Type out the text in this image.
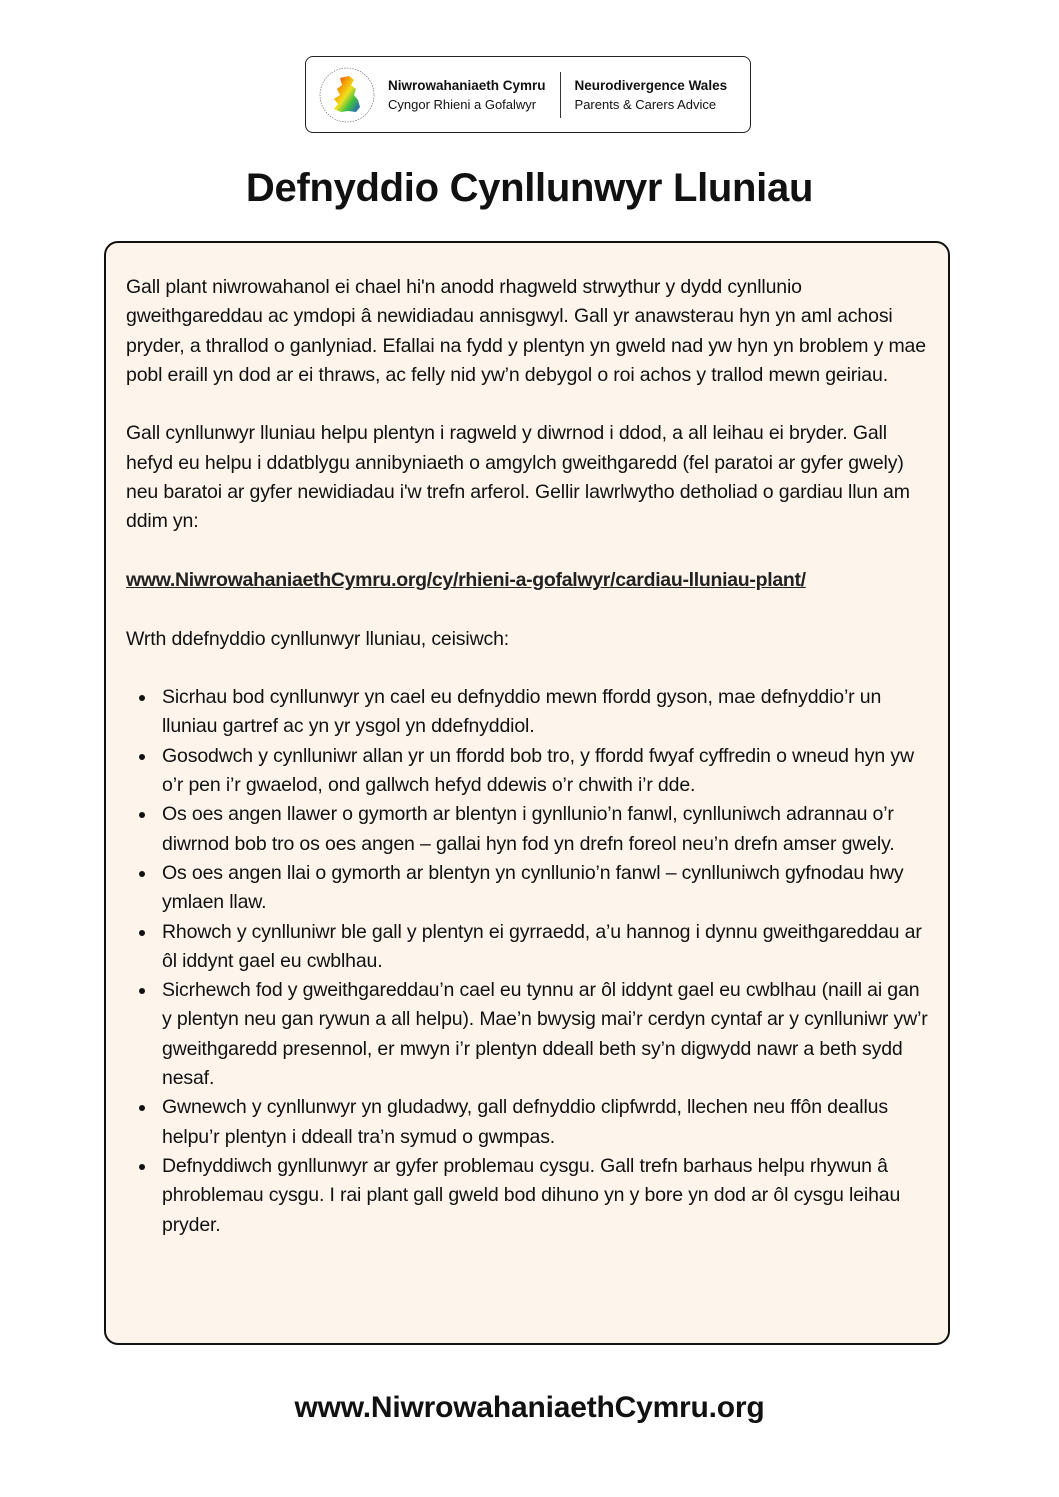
Niwrowahaniaeth Cymru
Cyngor Rhieni a Gofalwyr
Neurodivergence Wales
Parents & Carers Advice
Defnyddio Cynllunwyr Lluniau

Gall plant niwrowahanol ei chael hi'n anodd rhagweld strwythur y dydd cynllunio gweithgareddau ac ymdopi â newidiadau annisgwyl. Gall yr anawsterau hyn yn aml achosi pryder, a thrallod o ganlyniad. Efallai na fydd y plentyn yn gweld nad yw hyn yn broblem y mae pobl eraill yn dod ar ei thraws, ac felly nid yw’n debygol o roi achos y trallod mewn geiriau.

Gall cynllunwyr lluniau helpu plentyn i ragweld y diwrnod i ddod, a all leihau ei bryder. Gall hefyd eu helpu i ddatblygu annibyniaeth o amgylch gweithgaredd (fel paratoi ar gyfer gwely) neu baratoi ar gyfer newidiadau i'w trefn arferol. Gellir lawrlwytho detholiad o gardiau llun am ddim yn:

www.NiwrowahaniaethCymru.org/cy/rhieni-a-gofalwyr/cardiau-lluniau-plant/

Wrth ddefnyddio cynllunwyr lluniau, ceisiwch:

Sicrhau bod cynllunwyr yn cael eu defnyddio mewn ffordd gyson, mae defnyddio’r un lluniau gartref ac yn yr ysgol yn ddefnyddiol.
Gosodwch y cynlluniwr allan yr un ffordd bob tro, y ffordd fwyaf cyffredin o wneud hyn yw o’r pen i’r gwaelod, ond gallwch hefyd ddewis o’r chwith i’r dde.
Os oes angen llawer o gymorth ar blentyn i gynllunio’n fanwl, cynlluniwch adrannau o’r diwrnod bob tro os oes angen – gallai hyn fod yn drefn foreol neu’n drefn amser gwely.
Os oes angen llai o gymorth ar blentyn yn cynllunio’n fanwl – cynlluniwch gyfnodau hwy ymlaen llaw.
Rhowch y cynlluniwr ble gall y plentyn ei gyrraedd, a’u hannog i dynnu gweithgareddau ar ôl iddynt gael eu cwblhau.
Sicrhewch fod y gweithgareddau’n cael eu tynnu ar ôl iddynt gael eu cwblhau (naill ai gan y plentyn neu gan rywun a all helpu). Mae’n bwysig mai’r cerdyn cyntaf ar y cynlluniwr yw’r gweithgaredd presennol, er mwyn i’r plentyn ddeall beth sy’n digwydd nawr a beth sydd nesaf.
Gwnewch y cynllunwyr yn gludadwy, gall defnyddio clipfwrdd, llechen neu ffôn deallus helpu’r plentyn i ddeall tra’n symud o gwmpas.
Defnyddiwch gynllunwyr ar gyfer problemau cysgu. Gall trefn barhaus helpu rhywun â phroblemau cysgu. I rai plant gall gweld bod dihuno yn y bore yn dod ar ôl cysgu leihau pryder.
www.NiwrowahaniaethCymru.org
